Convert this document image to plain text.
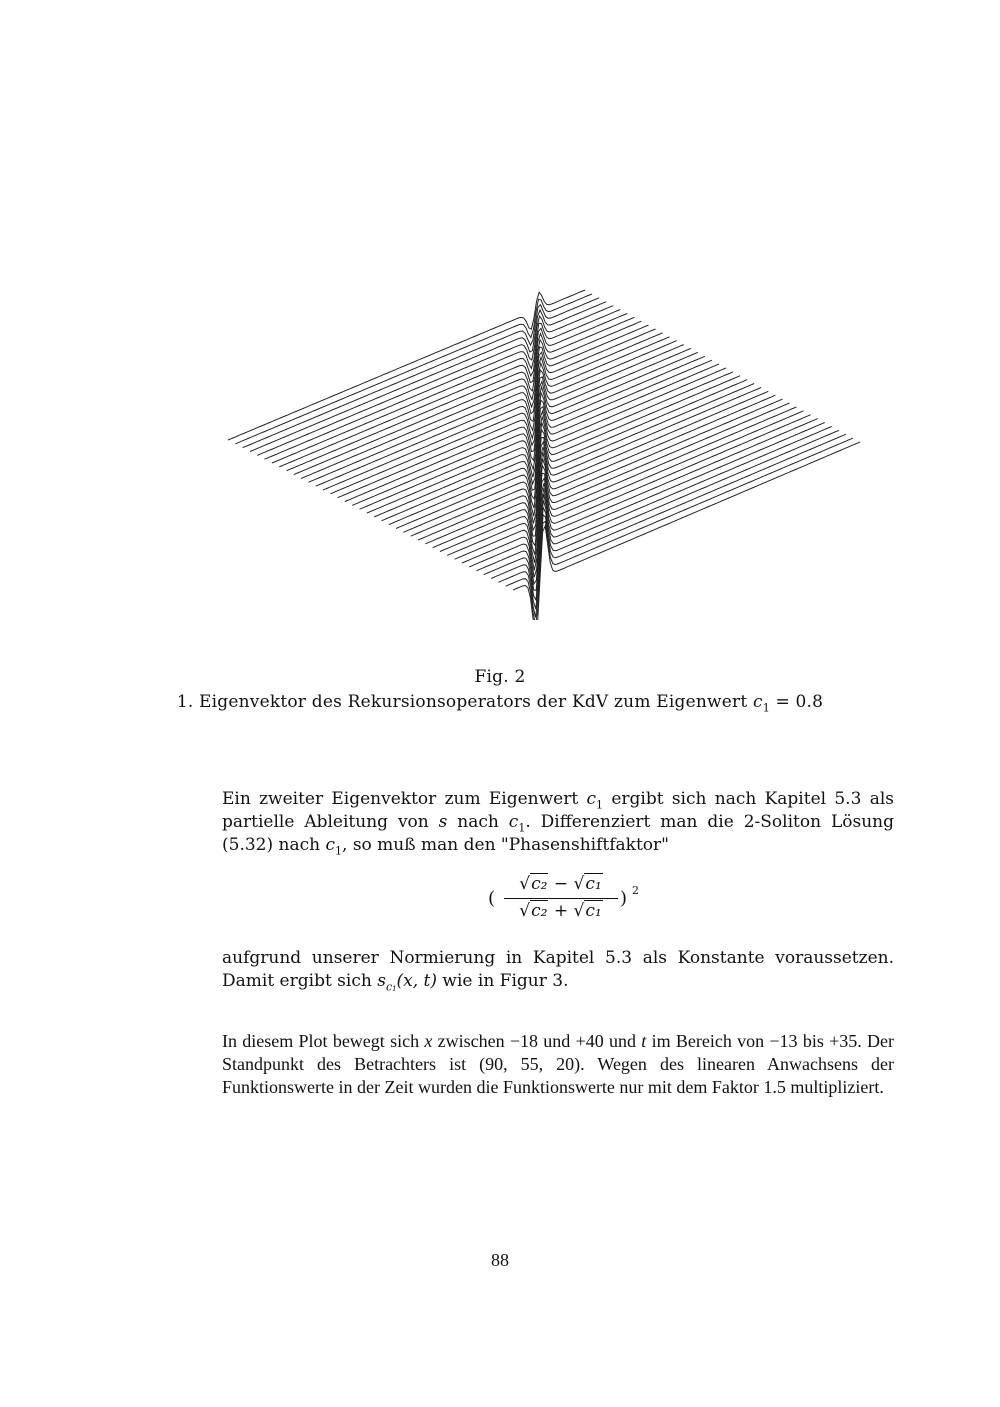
Fig. 2
1. Eigenvektor des Rekursionsoperators der KdV zum Eigenwert $c_1 = 0.8$
Ein zweiter Eigenvektor zum Eigenwert $c_1$ ergibt sich nach Kapitel 5.3 als partielle Ableitung von s nach $c_1$. Differenziert man die 2-Soliton Lösung (5.32) nach $c_1$, so muß man den "Phasenshiftfaktor"
(
√c₂ − √c₁
√c₂ + √c₁
) 2
aufgrund unserer Normierung in Kapitel 5.3 als Konstante voraussetzen. Damit ergibt sich $s_{c_1}(x$, t) wie in Figur 3.
In diesem Plot bewegt sich x zwischen −18 und +40 und t im Bereich von −13 bis +35. Der Standpunkt des Betrachters ist (90, 55, 20). Wegen des linearen Anwachsens der Funktionswerte in der Zeit wurden die Funktionswerte nur mit dem Faktor 1.5 multipliziert.
88
